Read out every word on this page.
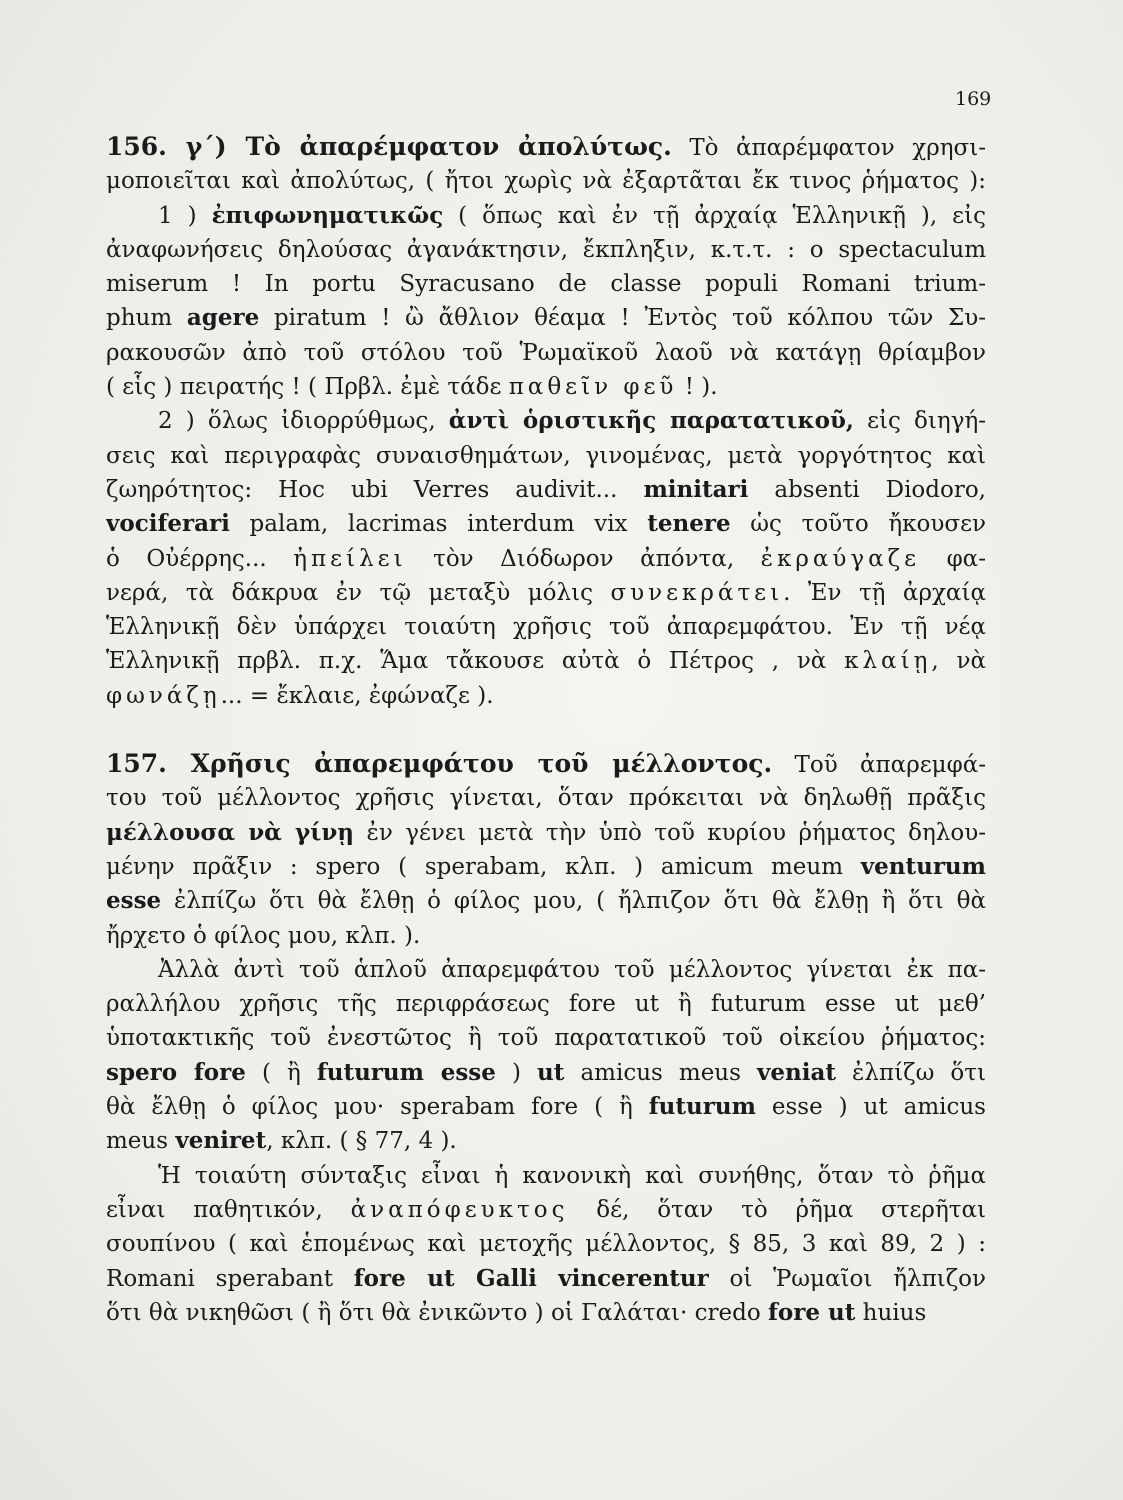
169
156. γ΄) Τὸ ἀπαρέμφατον ἀπολύτως. Τὸ ἀπαρέμφατον χρησι-
μοποιεῖται καὶ ἀπολύτως, ( ἤτοι χωρὶς νὰ ἐξαρτᾶται ἔκ τινος ῥήματος ):
1 ) ἐπιφωνηματικῶς ( ὅπως καὶ ἐν τῇ ἀρχαίᾳ Ἑλληνικῇ ), εἰς
ἀναφωνήσεις δηλούσας ἀγανάκτησιν, ἔκπληξιν, κ.τ.τ. : o spectaculum
miserum ! In portu Syracusano de classe populi Romani trium-
phum agere piratum ! ὢ ἄθλιον θέαμα ! Ἐντὸς τοῦ κόλπου τῶν Συ-
ρακουσῶν ἀπὸ τοῦ στόλου τοῦ Ῥωμαϊκοῦ λαοῦ νὰ κατάγῃ θρίαμβον
( εἷς ) πειρατής ! ( Πρβλ. ἐμὲ τάδε παθεῖν φεῦ ! ).
2 ) ὅλως ἰδιορρύθμως, ἀντὶ ὁριστικῆς παρατατικοῦ, εἰς διηγή-
σεις καὶ περιγραφὰς συναισθημάτων, γινομένας, μετὰ γοργότητος καὶ
ζωηρότητος: Hoc ubi Verres audivit... minitari absenti Diodoro,
vociferari palam, lacrimas interdum vix tenere ὡς τοῦτο ἤκουσεν
ὁ Οὐέρρης... ἠπείλει τὸν Διόδωρον ἀπόντα, ἐκραύγαζε φα-
νερά, τὰ δάκρυα ἐν τῷ μεταξὺ μόλις συνεκράτει. Ἐν τῇ ἀρχαίᾳ
Ἑλληνικῇ δὲν ὑπάρχει τοιαύτη χρῆσις τοῦ ἀπαρεμφάτου. Ἐν τῇ νέᾳ
Ἑλληνικῇ πρβλ. π.χ. Ἅμα τἄκουσε αὐτὰ ὁ Πέτρος , νὰ κλαίῃ, νὰ
φωνάζῃ... = ἔκλαιε, ἐφώναζε ).
157. Χρῆσις ἀπαρεμφάτου τοῦ μέλλοντος. Τοῦ ἀπαρεμφά-
του τοῦ μέλλοντος χρῆσις γίνεται, ὅταν πρόκειται νὰ δηλωθῇ πρᾶξις
μέλλουσα νὰ γίνῃ ἐν γένει μετὰ τὴν ὑπὸ τοῦ κυρίου ῥήματος δηλου-
μένην πρᾶξιν : spero ( sperabam, κλπ. ) amicum meum venturum
esse ἐλπίζω ὅτι θὰ ἔλθῃ ὁ φίλος μου, ( ἤλπιζον ὅτι θὰ ἔλθῃ ἢ ὅτι θὰ
ἤρχετο ὁ φίλος μου, κλπ. ).
Ἀλλὰ ἀντὶ τοῦ ἁπλοῦ ἀπαρεμφάτου τοῦ μέλλοντος γίνεται ἐκ πα-
ραλλήλου χρῆσις τῆς περιφράσεως fore ut ἢ futurum esse ut μεθ’
ὑποτακτικῆς τοῦ ἐνεστῶτος ἢ τοῦ παρατατικοῦ τοῦ οἰκείου ῥήματος:
spero fore ( ἢ futurum esse ) ut amicus meus veniat ἐλπίζω ὅτι
θὰ ἔλθῃ ὁ φίλος μου· sperabam fore ( ἢ futurum esse ) ut amicus
meus veniret, κλπ. ( § 77, 4 ).
Ἡ τοιαύτη σύνταξις εἶναι ἡ κανονικὴ καὶ συνήθης, ὅταν τὸ ῥῆμα
εἶναι παθητικόν, ἀναπόφευκτος δέ, ὅταν τὸ ῥῆμα στερῆται
σουπίνου ( καὶ ἑπομένως καὶ μετοχῆς μέλλοντος, § 85, 3 καὶ 89, 2 ) :
Romani sperabant fore ut Galli vincerentur οἱ Ῥωμαῖοι ἤλπιζον
ὅτι θὰ νικηθῶσι ( ἢ ὅτι θὰ ἐνικῶντο ) οἱ Γαλάται· credo fore ut huius
